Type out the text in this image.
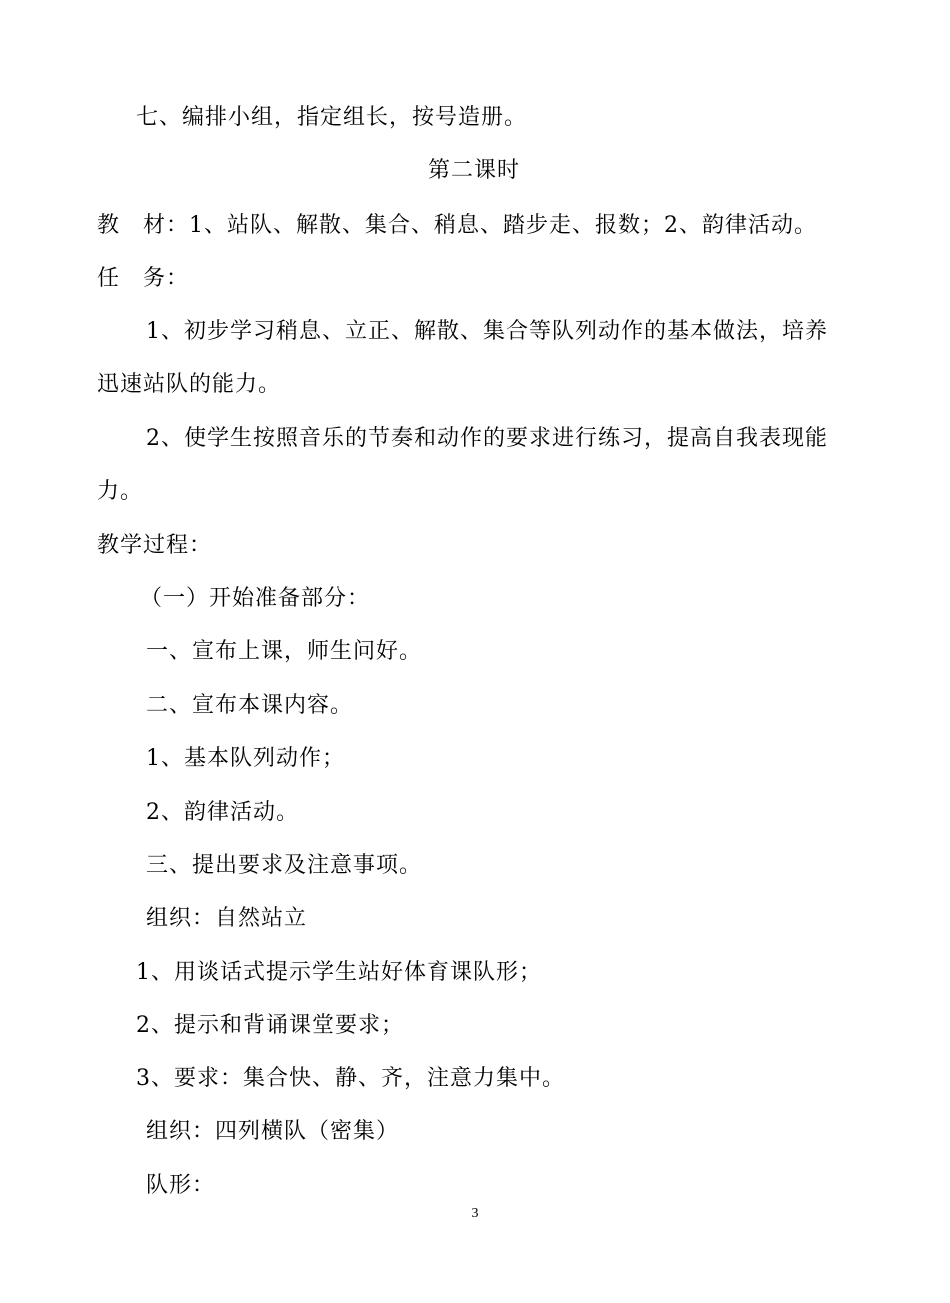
七、编排小组，指定组长，按号造册。
第二课时
教　材：1、站队、解散、集合、稍息、踏步走、报数；2、韵律活动。
任　务：
1、初步学习稍息、立正、解散、集合等队列动作的基本做法，培养
迅速站队的能力。
2、使学生按照音乐的节奏和动作的要求进行练习，提高自我表现能
力。
教学过程：
（一）开始准备部分：
一、宣布上课，师生问好。
二、宣布本课内容。
1、基本队列动作；
2、韵律活动。
三、提出要求及注意事项。
组织：自然站立
1、用谈话式提示学生站好体育课队形；
2、提示和背诵课堂要求；
3、要求：集合快、静、齐，注意力集中。
组织：四列横队（密集）
队形：
3
